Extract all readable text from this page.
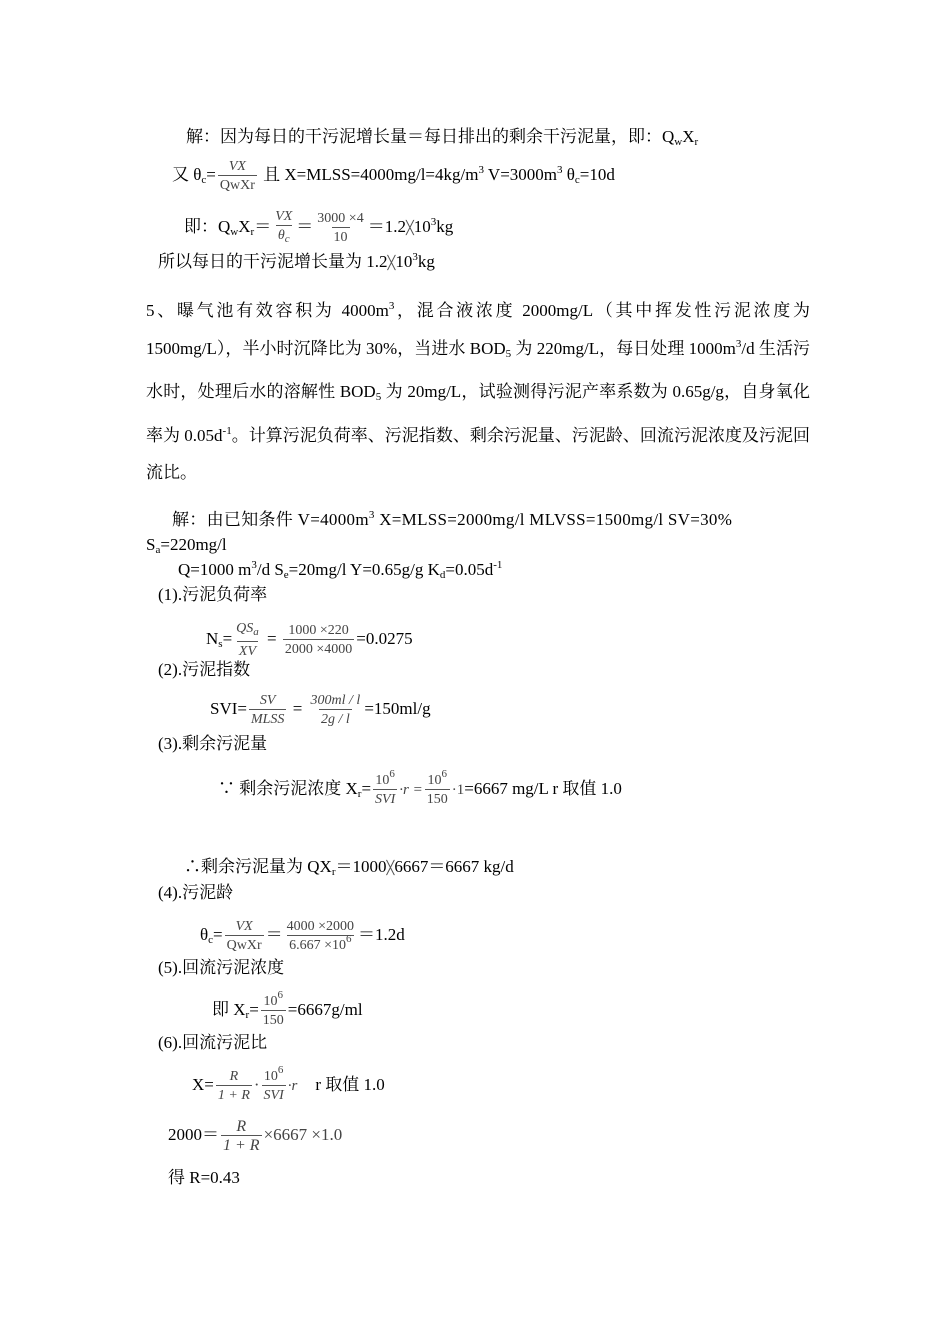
解：因为每日的干污泥增长量＝每日排出的剩余干污泥量，即：$Q_wX_r$
又 $\theta_c=$ VX
QwXr
且 $X=MLSS=4000mg/l=4kg/m^3$ $V=3000m^3$ $\theta_c=10d$
即：$Q_wX_r= \frac{VX}{\theta_c} = \frac{3000 \times 4}{10}$ $=1.2╳10^3kg$
所以每日的干污泥增长量为 $1.2╳10^3kg$
5、曝气池有效容积为 $4000m^3$，混合液浓度 2000mg/L（其中挥发性污泥浓度为 1500mg/L），半小时沉降比为 30%，当进水 $BOD_5$ 为 220mg/L，每日处理 $1000m^3/d$ 生活污水时，处理后水的溶解性 $BOD_5$ 为 20mg/L，试验测得污泥产率系数为 0.65g/g，自身氧化率为 $0.05d^{-1}$。计算污泥负荷率、污泥指数、剩余污泥量、污泥龄、回流污泥浓度及污泥回流比。
解：由已知条件 $V=4000m^3$ X=MLSS=2000mg/l MLVSS=1500mg/l SV=30%
$S_a=220mg/l$
Q=1000 $m^3/d$ $S_e=20mg/l$ Y=0.65g/g $K_d=0.05d^{-1}$
(1).污泥负荷率
$N_s=$
$QS_a$
XV
= $\frac{1000 \times 220}{2000 \times 4000} =0.0275$
(2).污泥指数
SVI= SV
MLSS
= $\frac{300ml / l}{2g / l} =150ml/g$
(3).剩余污泥量
∵ 剩余污泥浓度 $X_r= 10^6$
SVI
$\cdot r = \frac{10^6}{150} \cdot 1=6667$ mg/L r 取值 1.0
∴剩余污泥量为 $QX_r=1000╳6667=6667$ kg/d
(4).污泥龄
$\theta_c=$ VX
QwXr
＝ $\frac{4000 \times 2000}{6.667 \times 10^6} =1.2d$
(5).回流污泥浓度
即 $X_r= \frac{10^6}{150} =6667g/ml$
(6).回流污泥比
$X= \frac{R}{1 + R} \cdot 10^6$
SVI
·r r 取值 1.0
$2000= \frac{R}{1 + R} \times 6667 \times 1.0$
得 R=0.43
